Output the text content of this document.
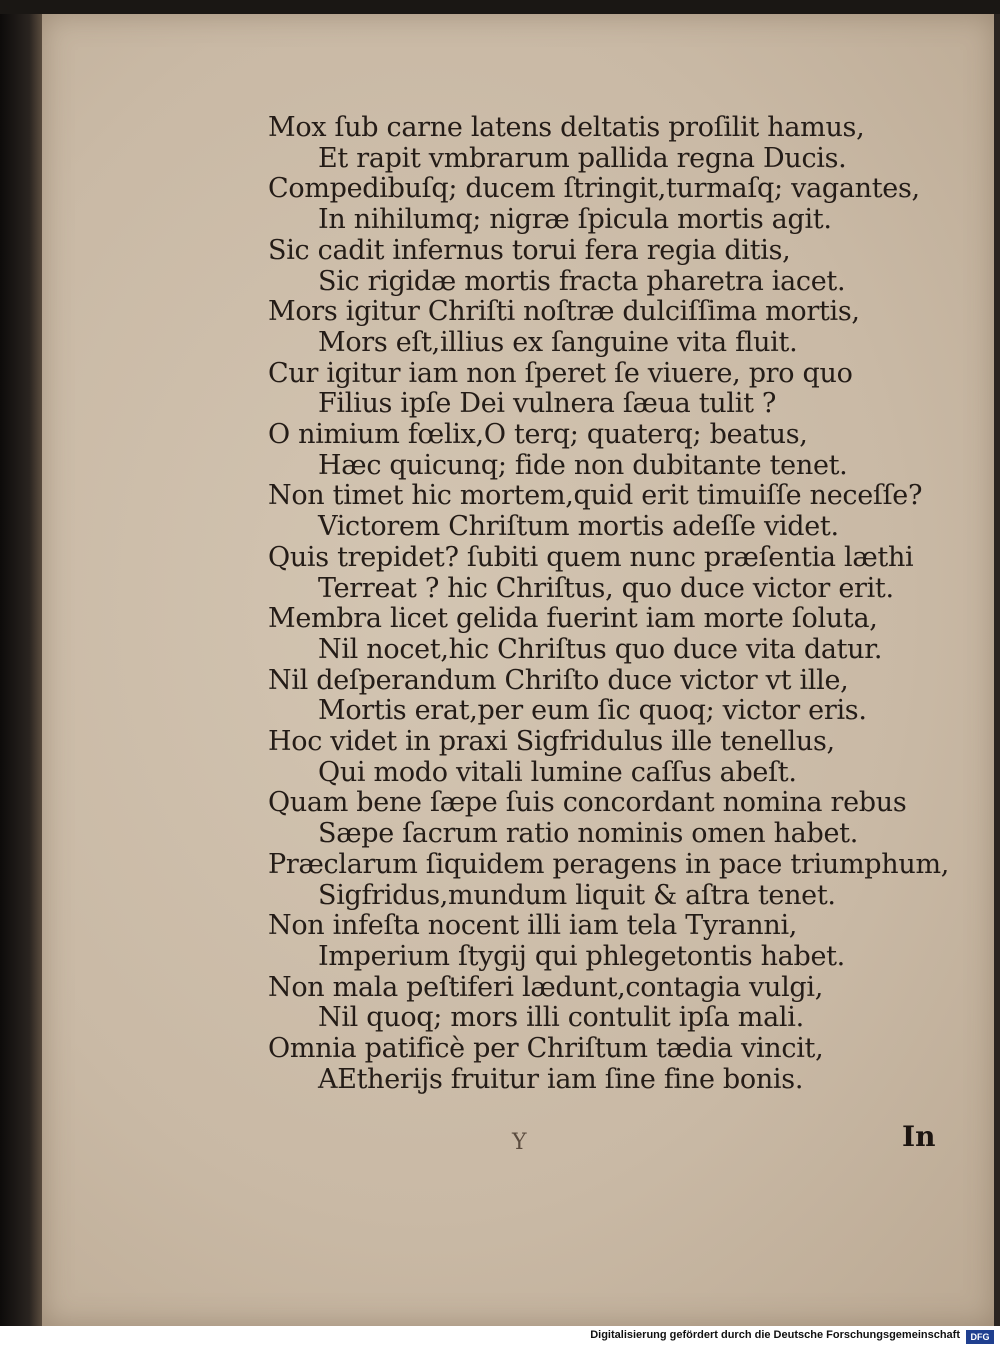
Mox ſub carne latens deltatis proſilit hamus,
Et rapit vmbrarum pallida regna Ducis.
Compedibuſq; ducem ſtringit,turmaſq; vagantes,
In nihilumq; nigræ ſpicula mortis agit.
Sic cadit infernus torui fera regia ditis,
Sic rigidæ mortis fracta pharetra iacet.
Mors igitur Chriſti noſtræ dulciſſima mortis,
Mors eſt,illius ex ſanguine vita fluit.
Cur igitur iam non ſperet ſe viuere, pro quo
Filius ipſe Dei vulnera ſæua tulit ?
O nimium fœlix,O terq; quaterq; beatus,
Hæc quicunq; fide non dubitante tenet.
Non timet hic mortem,quid erit timuiſſe neceſſe?
Victorem Chriſtum mortis adeſſe videt.
Quis trepidet? ſubiti quem nunc præſentia læthi
Terreat ? hic Chriſtus, quo duce victor erit.
Membra licet gelida fuerint iam morte ſoluta,
Nil nocet,hic Chriſtus quo duce vita datur.
Nil deſperandum Chriſto duce victor vt ille,
Mortis erat,per eum ſic quoq; victor eris.
Hoc videt in praxi Sigfridulus ille tenellus,
Qui modo vitali lumine caſſus abeſt.
Quam bene ſæpe ſuis concordant nomina rebus
Sæpe ſacrum ratio nominis omen habet.
Præclarum ſiquidem peragens in pace triumphum,
Sigfridus,mundum liquit & aſtra tenet.
Non infeſta nocent illi iam tela Tyranni,
Imperium ſtygij qui phlegetontis habet.
Non mala peſtiferi lædunt,contagia vulgi,
Nil quoq; mors illi contulit ipſa mali.
Omnia patificè per Chriſtum tædia vincit,
AEtherijs fruitur iam ſine fine bonis.
Y	In
Digitalisierung gefördert durch die Deutsche Forschungsgemeinschaft	DFG
